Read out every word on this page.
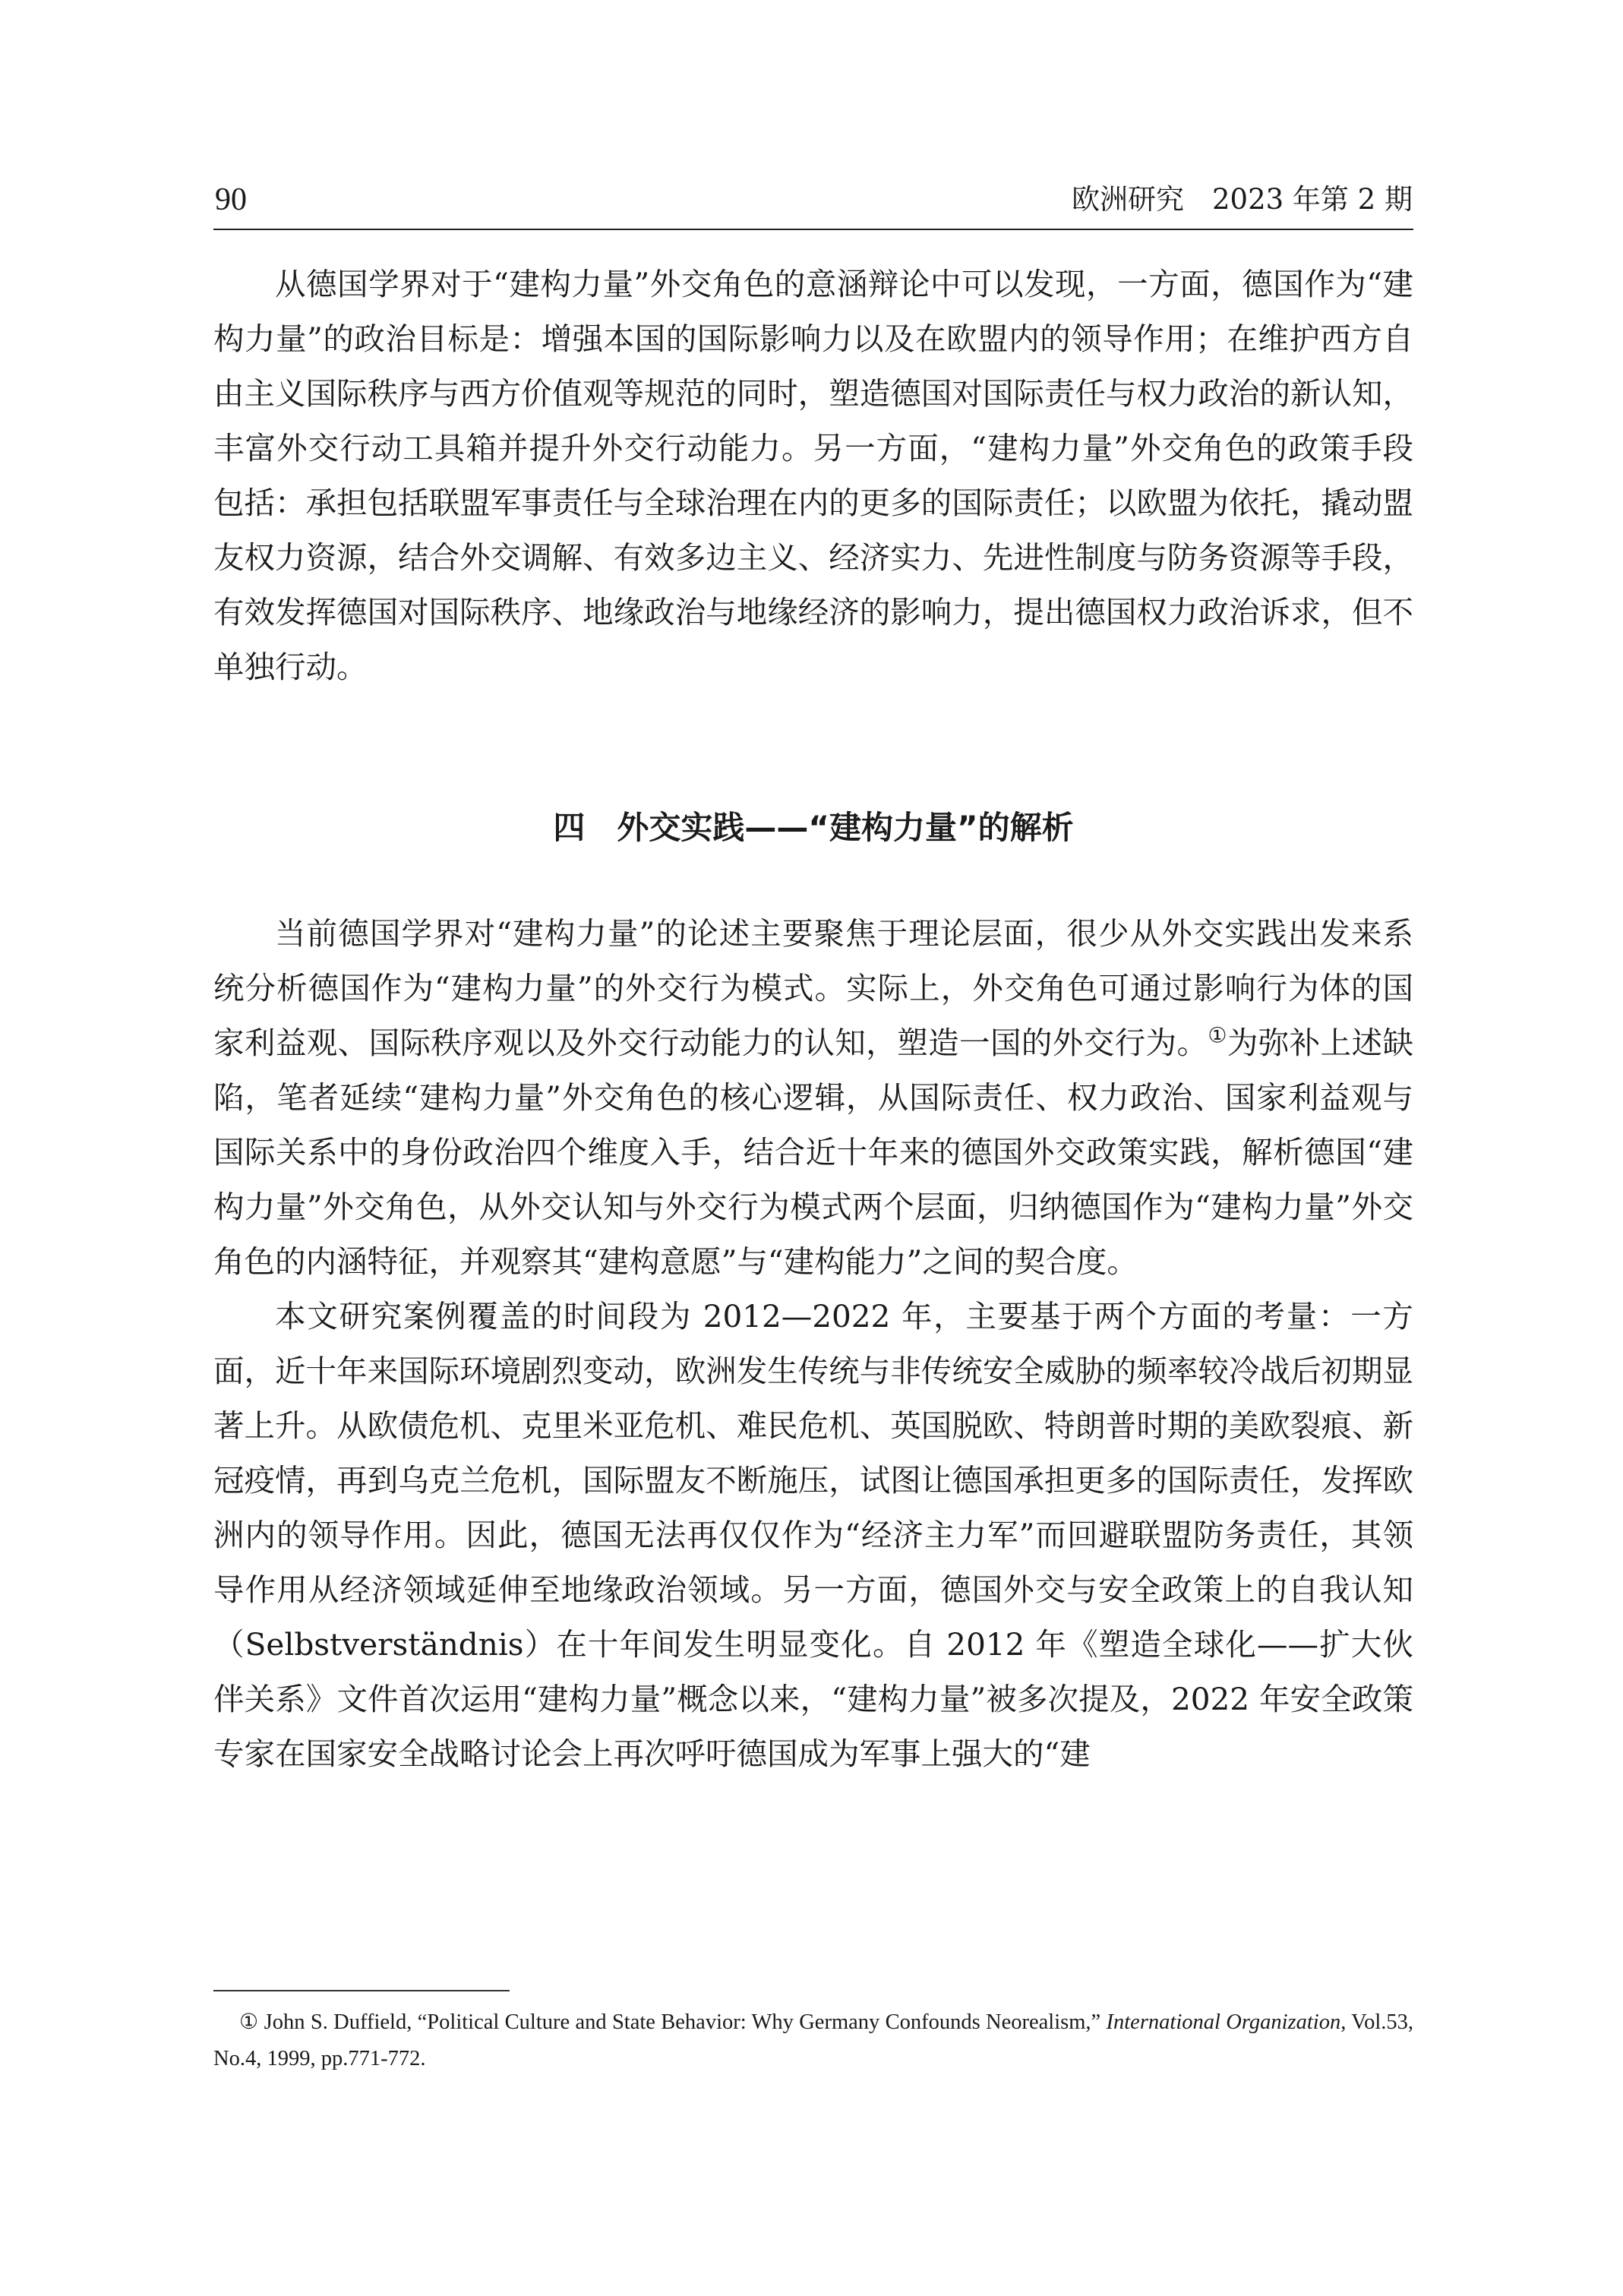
90	欧洲研究　2023 年第 2 期

从德国学界对于“建构力量”外交角色的意涵辩论中可以发现，一方面，德国作为“建构力量”的政治目标是：增强本国的国际影响力以及在欧盟内的领导作用；在维护西方自由主义国际秩序与西方价值观等规范的同时，塑造德国对国际责任与权力政治的新认知，丰富外交行动工具箱并提升外交行动能力。另一方面，“建构力量”外交角色的政策手段包括：承担包括联盟军事责任与全球治理在内的更多的国际责任；以欧盟为依托，撬动盟友权力资源，结合外交调解、有效多边主义、经济实力、先进性制度与防务资源等手段，有效发挥德国对国际秩序、地缘政治与地缘经济的影响力，提出德国权力政治诉求，但不单独行动。

四　外交实践——“建构力量”的解析

当前德国学界对“建构力量”的论述主要聚焦于理论层面，很少从外交实践出发来系统分析德国作为“建构力量”的外交行为模式。实际上，外交角色可通过影响行为体的国家利益观、国际秩序观以及外交行动能力的认知，塑造一国的外交行为。①为弥补上述缺陷，笔者延续“建构力量”外交角色的核心逻辑，从国际责任、权力政治、国家利益观与国际关系中的身份政治四个维度入手，结合近十年来的德国外交政策实践，解析德国“建构力量”外交角色，从外交认知与外交行为模式两个层面，归纳德国作为“建构力量”外交角色的内涵特征，并观察其“建构意愿”与“建构能力”之间的契合度。

本文研究案例覆盖的时间段为 2012—2022 年，主要基于两个方面的考量：一方面，近十年来国际环境剧烈变动，欧洲发生传统与非传统安全威胁的频率较冷战后初期显著上升。从欧债危机、克里米亚危机、难民危机、英国脱欧、特朗普时期的美欧裂痕、新冠疫情，再到乌克兰危机，国际盟友不断施压，试图让德国承担更多的国际责任，发挥欧洲内的领导作用。因此，德国无法再仅仅作为“经济主力军”而回避联盟防务责任，其领导作用从经济领域延伸至地缘政治领域。另一方面，德国外交与安全政策上的自我认知（Selbstverständnis）在十年间发生明显变化。自 2012 年《塑造全球化——扩大伙伴关系》文件首次运用“建构力量”概念以来，“建构力量”被多次提及，2022 年安全政策专家在国家安全战略讨论会上再次呼吁德国成为军事上强大的“建

① John S. Duffield, “Political Culture and State Behavior: Why Germany Confounds Neorealism,” International Organization, Vol.53, No.4, 1999, pp.771-772.
